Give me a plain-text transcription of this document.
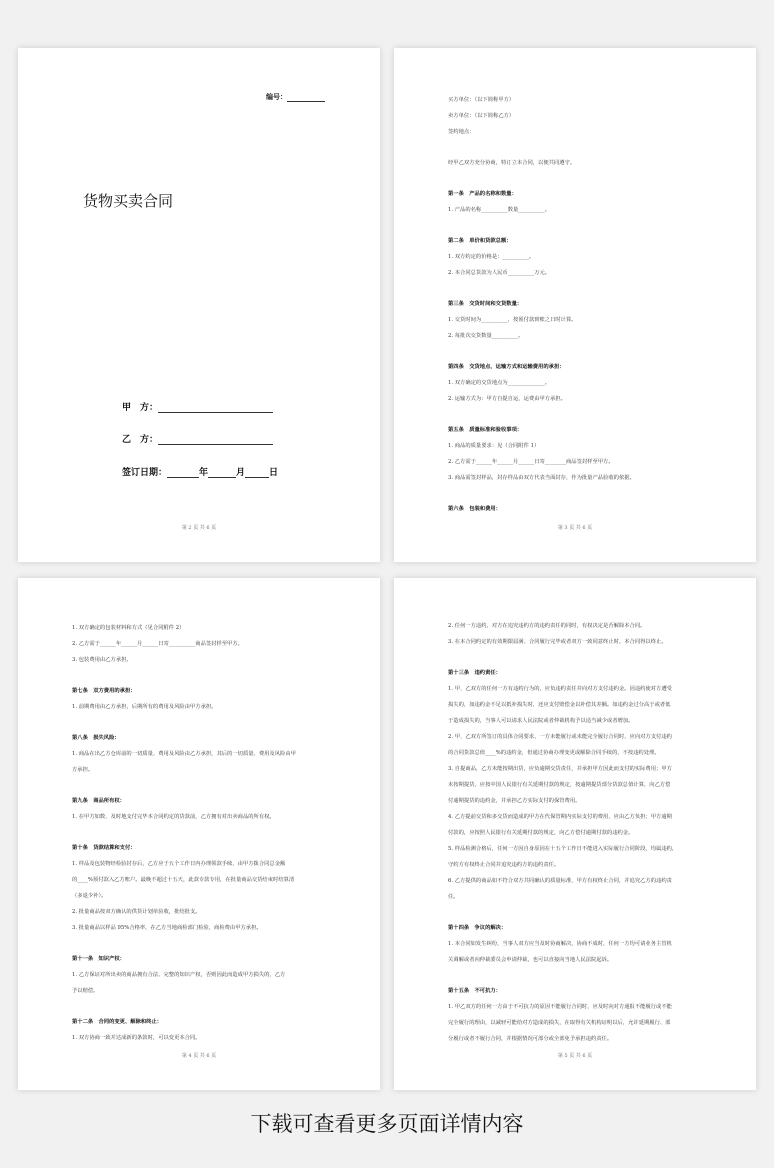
编号：
货物买卖合同
甲　方：
乙　方：
签订日期：	年	月	日
第 2 页 共 6 页
买方单位：（以下简称甲方）
卖方单位：（以下简称乙方）
签约地点：
经甲乙双方充分协商，特订立本合同，以便共同遵守。
第一条　产品的名称和数量：
1. 产品的名称__________数量__________。
第二条　单价和货款总额：
1. 双方约定的价格是：__________。
2. 本合同总货款为人民币__________万元。
第三条　交货时间和交货数量：
1. 交货时间为__________，按预付款到账之日时计算。
2. 每批次交货数量__________。
第四条　交货地点、运输方式和运输费用的承担：
1. 双方确定的交货地点为______________。
2. 运输方式为：甲方自提自运，运费由甲方承担。
第五条　质量标准和验收事项：
1. 商品的质量要求：见（合同附件 1）
2. 乙方需于______年______月______日寄________商品签封样至甲方。
3. 商品需签封样品，封存样品由双方代表当面封存，作为批量产品验收的依据。
第六条　包装和费用：
第 3 页 共 6 页
1. 双方确定的包装材料和方式（见合同附件 2）
2. 乙方需于______年______月______日寄__________商品签封样至甲方。
3. 包装费用由乙方承担。
第七条　双方费用的承担：
1. 前期费用由乙方承担，后期所有的费用及风险由甲方承担。
第八条　损失风险：
1. 商品在出乙方仓库前的一切质量、费用及风险由乙方承担，其后的一切质量、费用及风险由甲
方承担。
第九条　商品所有权：
1. 在甲方如数、及时地支付完毕本合同约定的货款前，乙方拥有对出卖商品的所有权。
第十条　货款结算和支付：
1. 样品及包装物经检验封存后，乙方应于五个工作日内办理领款手续，由甲方拨合同总金额
的____%预付款入乙方账户。最晚不超过十五天，此款专款专用，在批量商品交货结束时结算清
（多退少补）。
2. 批量商品按双方确认的供货计划单验收，批结批支。
3. 批量商品以样品 95%合格率，在乙方当地商检部门检验，商检费由甲方承担。
第十一条　知识产权：
1. 乙方保证对所出卖的商品拥有合法、完整的知识产权，否则因此而造成甲方损失的，乙方
予以赔偿。
第十二条　合同的变更、解除和终止：
1. 双方协商一致并达成新的条款时，可以变更本合同。
第 4 页 共 6 页
2. 任何一方违约，对方在追究违约方的违约责任的同时，有权决定是否解除本合同。
3. 在本合同约定的有效期限届满、合同履行完毕或者双方一致同意终止时，本合同得以终止。
第十三条　违约责任：
1. 甲、乙双方的任何一方有违约行为的，应负违约责任并向对方支付违约金。因违约使对方遭受
损失的，如违约金不足以抵补损失时，还应支付赔偿金以补偿其差额。如违约金过分高于或者低
于造成损失的，当事人可以请求人民法院或者仲裁机构予以适当减少或者增加。
2. 甲、乙双方所签订的具体合同要求，一方未能履行或未能完全履行合同时，应向对方支付违约
的合同货款总值____%的违约金，但通过协商办理变更或解除合同手续的，不按违约处理。
3. 自提商品，乙方未能按期出货，应负逾期交货责任，并承担甲方因此而支付的实际费用；甲方
未按期提货，应按中国人民银行有关延期付款的规定，按逾期提货部分货款总值计算，向乙方偿
付逾期提货的违约金，并承担乙方实际支付的保管费用。
4. 乙方提前交货和多交货而造成的甲方在代保管期内实际支付的费用，应由乙方负担；甲方逾期
付款的，应按照人民银行有关延期付款的规定，向乙方偿付逾期付款的违约金。
5. 样品检测合格后，任何一方因自身原因在十五个工作日不能进入实际履行合同阶段，均属违约，
守约方有权终止合同并追究违约方的违约责任。
6. 乙方提供的商品如不符合双方共同确认的质量标准，甲方有权终止合同，并追究乙方的违约责
任。
第十四条　争议的解决：
1. 本合同如发生纠纷，当事人双方应当及时协商解决，协商不成时，任何一方均可请业务主管机
关调解或者向仲裁委员会申请仲裁，也可以直接向当地人民法院起诉。
第十五条　不可抗力：
1. 甲乙双方的任何一方由于不可抗力的原因不能履行合同时，应及时向对方通报不能履行或不能
完全履行的理由，以减轻可能给对方造成的损失，在取得有关机构证明以后，允许延期履行、部
分履行或者不履行合同，并根据情况可部分或全部免予承担违约责任。
第 5 页 共 6 页
下载可查看更多页面详情内容
